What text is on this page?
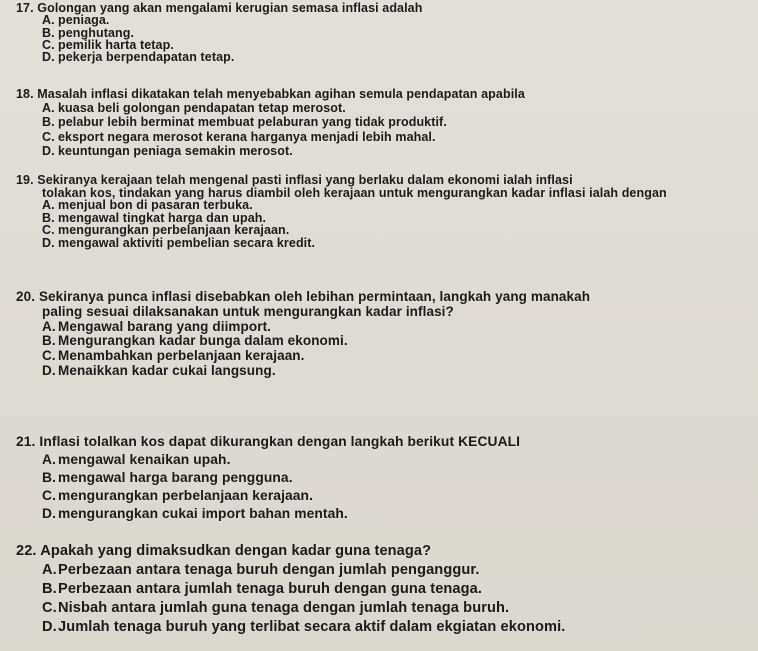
17. Golongan yang akan mengalami kerugian semasa inflasi adalah

A. peniaga.
B. penghutang.
C. pemilik harta tetap.
D. pekerja berpendapatan tetap.

18. Masalah inflasi dikatakan telah menyebabkan agihan semula pendapatan apabila

A. kuasa beli golongan pendapatan tetap merosot.
B. pelabur lebih berminat membuat pelaburan yang tidak produktif.
C. eksport negara merosot kerana harganya menjadi lebih mahal.
D. keuntungan peniaga semakin merosot.

19. Sekiranya kerajaan telah mengenal pasti inflasi yang berlaku dalam ekonomi ialah inflasi
tolakan kos, tindakan yang harus diambil oleh kerajaan untuk mengurangkan kadar inflasi ialah dengan

A. menjual bon di pasaran terbuka.
B. mengawal tingkat harga dan upah.
C. mengurangkan perbelanjaan kerajaan.
D. mengawal aktiviti pembelian secara kredit.

20. Sekiranya punca inflasi disebabkan oleh lebihan permintaan, langkah yang manakah
paling sesuai dilaksanakan untuk mengurangkan kadar inflasi?

A. Mengawal barang yang diimport.
B. Mengurangkan kadar bunga dalam ekonomi.
C. Menambahkan perbelanjaan kerajaan.
D. Menaikkan kadar cukai langsung.

21. Inflasi tolalkan kos dapat dikurangkan dengan langkah berikut KECUALI

A. mengawal kenaikan upah.
B. mengawal harga barang pengguna.
C. mengurangkan perbelanjaan kerajaan.
D. mengurangkan cukai import bahan mentah.

22. Apakah yang dimaksudkan dengan kadar guna tenaga?

A.Perbezaan antara tenaga buruh dengan jumlah penganggur.
B.Perbezaan antara jumlah tenaga buruh dengan guna tenaga.
C.Nisbah antara jumlah guna tenaga dengan jumlah tenaga buruh.
D.Jumlah tenaga buruh yang terlibat secara aktif dalam ekgiatan ekonomi.
